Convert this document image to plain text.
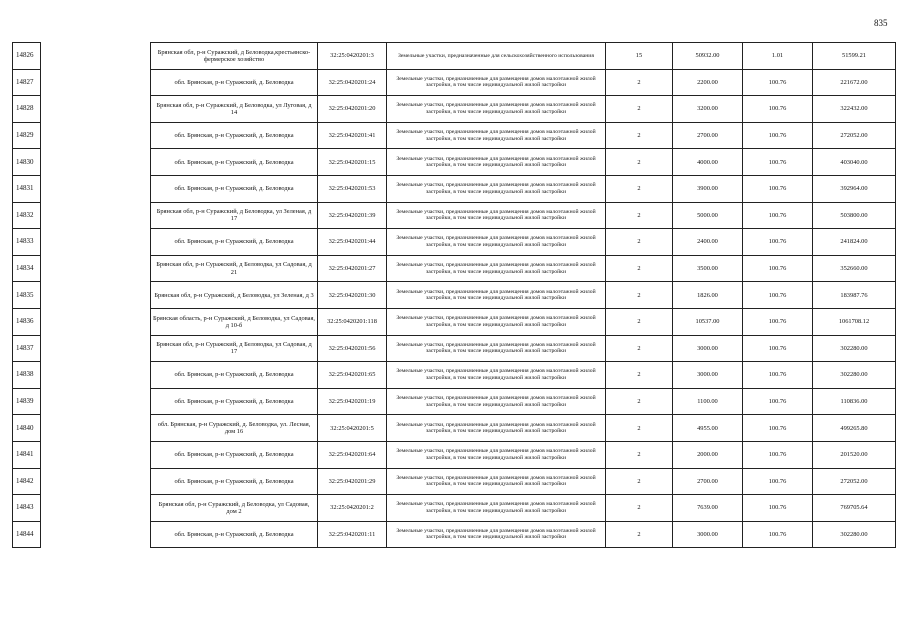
835
14826		Брянская обл, р-н Суражский, д Беловодка,крестьянско-фермерское хозяйство	32:25:0420201:3	Земельные участки, предназначенные для сельскохозяйственного использования	15	50932.00	1.01	51599.21
14827		обл. Брянская, р-н Суражский, д. Беловодка	32:25:0420201:24	Земельные участки, предназначенные для размещения домов малоэтажной жилой застройки, в том числе индивидуальной жилой застройки	2	2200.00	100.76	221672.00
14828		Брянская обл, р-н Суражский, д Беловодка, ул Луговая, д 14	32:25:0420201:20	Земельные участки, предназначенные для размещения домов малоэтажной жилой застройки, в том числе индивидуальной жилой застройки	2	3200.00	100.76	322432.00
14829		обл. Брянская, р-н Суражский, д. Беловодка	32:25:0420201:41	Земельные участки, предназначенные для размещения домов малоэтажной жилой застройки, в том числе индивидуальной жилой застройки	2	2700.00	100.76	272052.00
14830		обл. Брянская, р-н Суражский, д. Беловодка	32:25:0420201:15	Земельные участки, предназначенные для размещения домов малоэтажной жилой застройки, в том числе индивидуальной жилой застройки	2	4000.00	100.76	403040.00
14831		обл. Брянская, р-н Суражский, д. Беловодка	32:25:0420201:53	Земельные участки, предназначенные для размещения домов малоэтажной жилой застройки, в том числе индивидуальной жилой застройки	2	3900.00	100.76	392964.00
14832		Брянская обл, р-н Суражский, д Беловодка, ул Зеленая, д 17	32:25:0420201:39	Земельные участки, предназначенные для размещения домов малоэтажной жилой застройки, в том числе индивидуальной жилой застройки	2	5000.00	100.76	503800.00
14833		обл. Брянская, р-н Суражский, д. Беловодка	32:25:0420201:44	Земельные участки, предназначенные для размещения домов малоэтажной жилой застройки, в том числе индивидуальной жилой застройки	2	2400.00	100.76	241824.00
14834		Брянская обл, р-н Суражский, д Беловодка, ул Садовая, д 21	32:25:0420201:27	Земельные участки, предназначенные для размещения домов малоэтажной жилой застройки, в том числе индивидуальной жилой застройки	2	3500.00	100.76	352660.00
14835		Брянская обл, р-н Суражский, д Беловодка, ул Зеленая, д 3	32:25:0420201:30	Земельные участки, предназначенные для размещения домов малоэтажной жилой застройки, в том числе индивидуальной жилой застройки	2	1826.00	100.76	183987.76
14836		Брянская область, р-н Суражский, д Беловодка, ул Садовая, д 10-б	32:25:0420201:118	Земельные участки, предназначенные для размещения домов малоэтажной жилой застройки, в том числе индивидуальной жилой застройки	2	10537.00	100.76	1061708.12
14837		Брянская обл, р-н Суражский, д Беловодка, ул Садовая, д 17	32:25:0420201:56	Земельные участки, предназначенные для размещения домов малоэтажной жилой застройки, в том числе индивидуальной жилой застройки	2	3000.00	100.76	302280.00
14838		обл. Брянская, р-н Суражский, д. Беловодка	32:25:0420201:65	Земельные участки, предназначенные для размещения домов малоэтажной жилой застройки, в том числе индивидуальной жилой застройки	2	3000.00	100.76	302280.00
14839		обл. Брянская, р-н Суражский, д. Беловодка	32:25:0420201:19	Земельные участки, предназначенные для размещения домов малоэтажной жилой застройки, в том числе индивидуальной жилой застройки	2	1100.00	100.76	110836.00
14840		обл. Брянская, р-н Суражский, д. Беловодка, ул. Лесная, дом 16	32:25:0420201:5	Земельные участки, предназначенные для размещения домов малоэтажной жилой застройки, в том числе индивидуальной жилой застройки	2	4955.00	100.76	499265.80
14841		обл. Брянская, р-н Суражский, д. Беловодка	32:25:0420201:64	Земельные участки, предназначенные для размещения домов малоэтажной жилой застройки, в том числе индивидуальной жилой застройки	2	2000.00	100.76	201520.00
14842		обл. Брянская, р-н Суражский, д. Беловодка	32:25:0420201:29	Земельные участки, предназначенные для размещения домов малоэтажной жилой застройки, в том числе индивидуальной жилой застройки	2	2700.00	100.76	272052.00
14843		Брянская обл, р-н Суражский, д Беловодка, ул Садовая, дом 2	32:25:0420201:2	Земельные участки, предназначенные для размещения домов малоэтажной жилой застройки, в том числе индивидуальной жилой застройки	2	7639.00	100.76	769705.64
14844		обл. Брянская, р-н Суражский, д. Беловодка	32:25:0420201:11	Земельные участки, предназначенные для размещения домов малоэтажной жилой застройки, в том числе индивидуальной жилой застройки	2	3000.00	100.76	302280.00
